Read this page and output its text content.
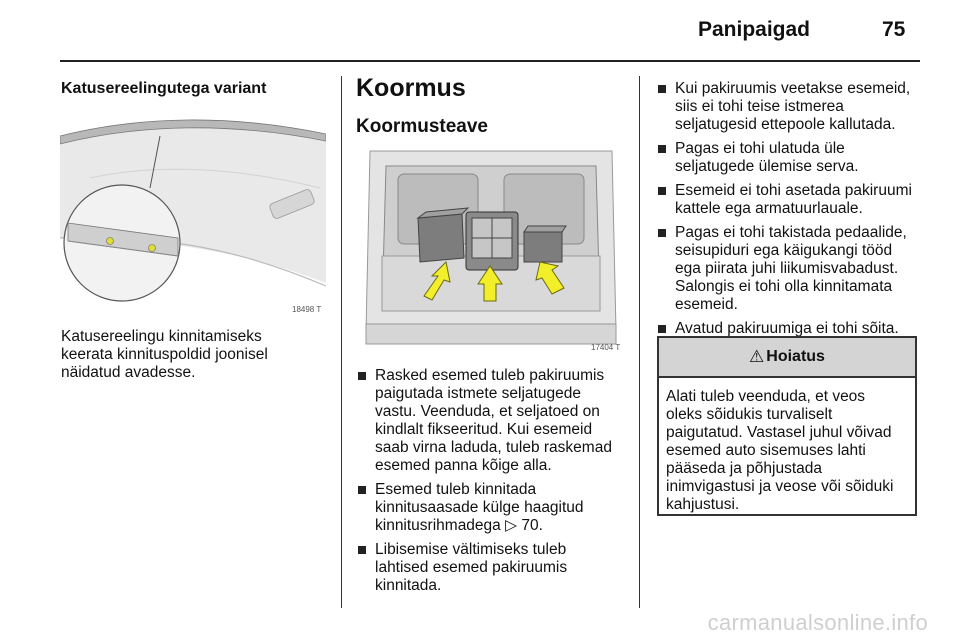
Panipaigad	75
Katusereelingutega variant
18498 T
Katusereelingu kinnitamiseks
keerata kinnituspoldid joonisel
näidatud avadesse.
Koormus
Koormusteave
17404 T
Rasked esemed tuleb pakiruumis
paigutada istmete seljatugede
vastu. Veenduda, et seljatoed on
kindlalt fikseeritud. Kui esemeid
saab virna laduda, tuleb raskemad
esemed panna kõige alla.
Esemed tuleb kinnitada
kinnitusaasade külge haagitud
kinnitusrihmadega ▷ 70.
Libisemise vältimiseks tuleb
lahtised esemed pakiruumis
kinnitada.
Kui pakiruumis veetakse esemeid,
siis ei tohi teise istmerea
seljatugesid ettepoole kallutada.
Pagas ei tohi ulatuda üle
seljatugede ülemise serva.
Esemeid ei tohi asetada pakiruumi
kattele ega armatuurlauale.
Pagas ei tohi takistada pedaalide,
seisupiduri ega käigukangi tööd
ega piirata juhi liikumisvabadust.
Salongis ei tohi olla kinnitamata
esemeid.
Avatud pakiruumiga ei tohi sõita.
⚠ Hoiatus
Alati tuleb veenduda, et veos
oleks sõidukis turvaliselt
paigutatud. Vastasel juhul võivad
esemed auto sisemuses lahti
pääseda ja põhjustada
inimvigastusi ja veose või sõiduki
kahjustusi.
carmanualsonline.info
